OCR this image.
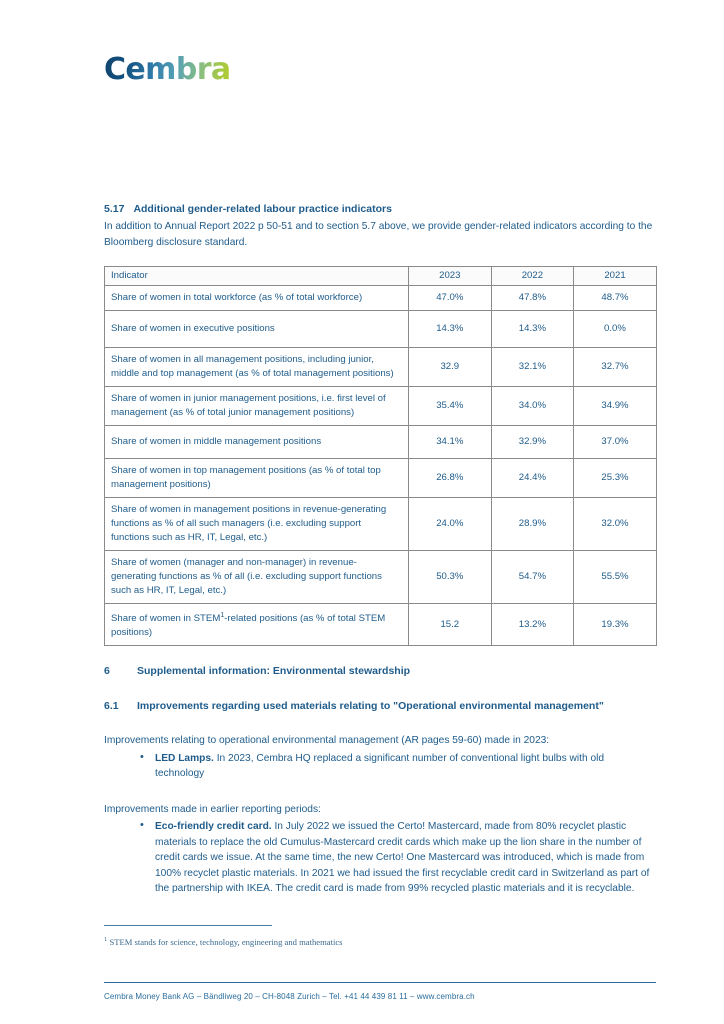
Cembra
5.17 Additional gender-related labour practice indicators

In addition to Annual Report 2022 p 50-51 and to section 5.7 above, we provide gender-related indicators according to the Bloomberg disclosure standard.

Indicator	2023	2022	2021
Share of women in total workforce (as % of total workforce)	47.0%	47.8%	48.7%
Share of women in executive positions	14.3%	14.3%	0.0%
Share of women in all management positions, including junior, middle and top management (as % of total management positions)	32.9	32.1%	32.7%
Share of women in junior management positions, i.e. first level of management (as % of total junior management positions)	35.4%	34.0%	34.9%
Share of women in middle management positions	34.1%	32.9%	37.0%
Share of women in top management positions (as % of total top management positions)	26.8%	24.4%	25.3%
Share of women in management positions in revenue-generating functions as % of all such managers (i.e. excluding support functions such as HR, IT, Legal, etc.)	24.0%	28.9%	32.0%
Share of women (manager and non-manager) in revenue-generating functions as % of all (i.e. excluding support functions such as HR, IT, Legal, etc.)	50.3%	54.7%	55.5%
Share of women in STEM$^1$-related positions (as % of total STEM positions)	15.2	13.2%	19.3%
6	Supplemental information: Environmental stewardship
6.1 Improvements regarding used materials relating to "Operational environmental management"

Improvements relating to operational environmental management (AR pages 59-60) made in 2023:

• LED Lamps. In 2023, Cembra HQ replaced a significant number of conventional light bulbs with old technology

Improvements made in earlier reporting periods:

• Eco-friendly credit card. In July 2022 we issued the Certo! Mastercard, made from 80% recyclet plastic materials to replace the old Cumulus-Mastercard credit cards which make up the lion share in the number of credit cards we issue. At the same time, the new Certo! One Mastercard was introduced, which is made from 100% recyclet plastic materials. In 2021 we had issued the first recyclable credit card in Switzerland as part of the partnership with IKEA. The credit card is made from 99% recycled plastic materials and it is recyclable.

$^1$ STEM stands for science, technology, engineering and mathematics

Cembra Money Bank AG – Bändliweg 20 – CH-8048 Zurich – Tel. +41 44 439 81 11 – www.cembra.ch
